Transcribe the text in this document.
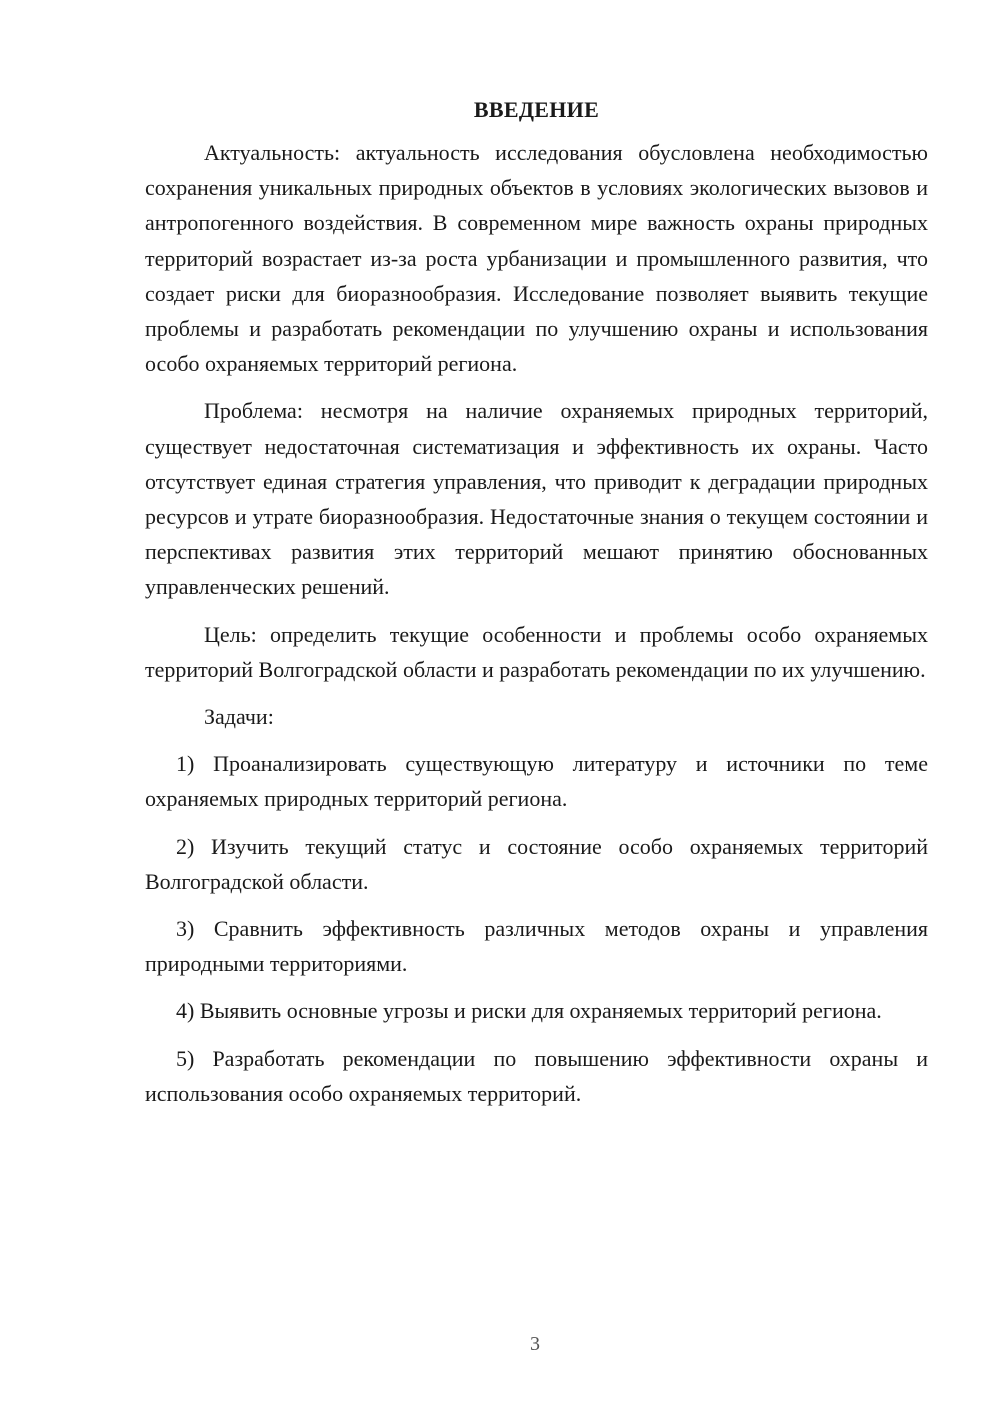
ВВЕДЕНИЕ

Актуальность: актуальность исследования обусловлена необходимостью сохранения уникальных природных объектов в условиях экологических вызовов и антропогенного воздействия. В современном мире важность охраны природных территорий возрастает из-за роста урбанизации и промышленного развития, что создает риски для биоразнообразия. Исследование позволяет выявить текущие проблемы и разработать рекомендации по улучшению охраны и использования особо охраняемых территорий региона.

Проблема: несмотря на наличие охраняемых природных территорий, существует недостаточная систематизация и эффективность их охраны. Часто отсутствует единая стратегия управления, что приводит к деградации природных ресурсов и утрате биоразнообразия. Недостаточные знания о текущем состоянии и перспективах развития этих территорий мешают принятию обоснованных управленческих решений.

Цель: определить текущие особенности и проблемы особо охраняемых территорий Волгоградской области и разработать рекомендации по их улучшению.

Задачи:

1) Проанализировать существующую литературу и источники по теме охраняемых природных территорий региона.

2) Изучить текущий статус и состояние особо охраняемых территорий Волгоградской области.

3) Сравнить эффективность различных методов охраны и управления природными территориями.

4) Выявить основные угрозы и риски для охраняемых территорий региона.

5) Разработать рекомендации по повышению эффективности охраны и использования особо охраняемых территорий.

3
